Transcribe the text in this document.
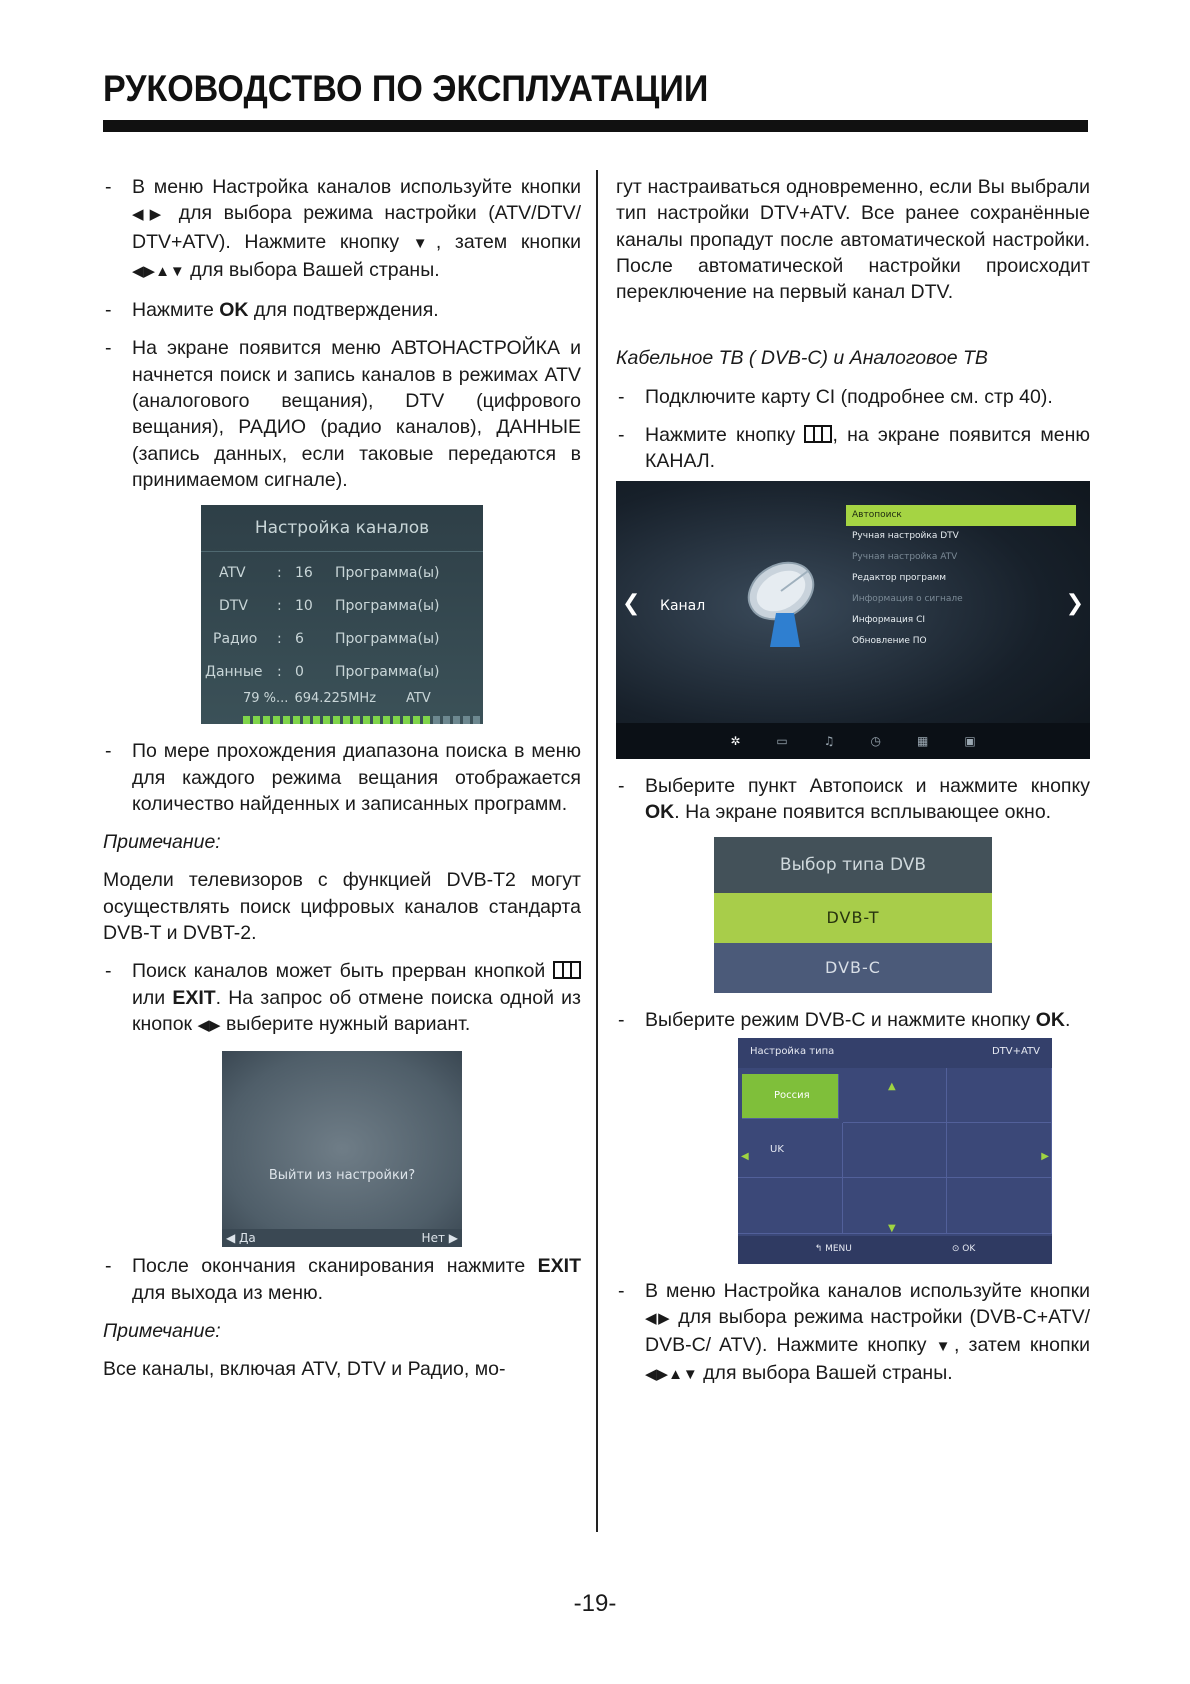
РУКОВОДСТВО ПО ЭКСПЛУАТАЦИИ
- В меню Настройка каналов используйте кнопки ◀▶ для выбора режима настройки (ATV/DTV/ DTV+ATV). Нажмите кнопку ▼, затем кнопки ◀▶▲▼ для выбора Вашей страны.
- Нажмите OK для подтверждения.
- На экране появится меню АВТОНАСТРОЙКА и начнется поиск и запись каналов в режимах ATV (аналогового вещания), DTV (цифрового вещания), РАДИО (радио каналов), ДАННЫЕ (запись данных, если таковые передаются в принимаемом сигнале).
Настройка каналов
ATV	: 16	Программа(ы)
DTV	: 10	Программа(ы)
Радио	: 6	Программа(ы)
Данные	: 0	Программа(ы)
79 %... 694.225MHz ATV
- По мере прохождения диапазона поиска в меню для каждого режима вещания отображается количество найденных и записанных программ.
Примечание:
Модели телевизоров с функцией DVB-T2 могут осуществлять поиск цифровых каналов стандарта DVB-T и DVBT-2.
- Поиск каналов может быть прерван кнопкой  или EXIT. На запрос об отмене поиска одной из кнопок ◀▶ выберите нужный вариант.
Выйти из настройки?
◀ Да	Нет ▶
- После окончания сканирования нажмите EXIT для выхода из меню.
Примечание:
Все каналы, включая ATV, DTV и Радио, мо-
гут настраиваться одновременно, если Вы выбрали тип настройки DTV+ATV. Все ранее сохранённые каналы пропадут после автоматической настройки. После автоматической настройки происходит переключение на первый канал DTV.
Кабельное ТВ ( DVB-C) и Аналоговое ТВ
- Подключите карту CI (подробнее см. стр 40).
- Нажмите кнопку , на экране появится меню КАНАЛ.
❮ Канал
Автопоиск
Ручная настройка DTV
Ручная настройка ATV
Редактор программ
Информация о сигнале
Информация CI
Обновление ПО
❯
✲	▭	♫	◷	▦	▣
- Выберите пункт Автопоиск и нажмите кнопку OK. На экране появится всплывающее окно.
Выбор типа DVB
DVB-T
DVB-C
- Выберите режим DVB-C и нажмите кнопку OK.
Настройка типа	DTV+ATV
Россия
UK
▲
▼
◀	▶
↰ MENU	⊙ OK
- В меню Настройка каналов используйте кнопки ◀▶ для выбора режима настройки (DVB-C+ATV/ DVB-C/ ATV). Нажмите кнопку ▼, затем кнопки ◀▶▲▼ для выбора Вашей страны.
-19-
